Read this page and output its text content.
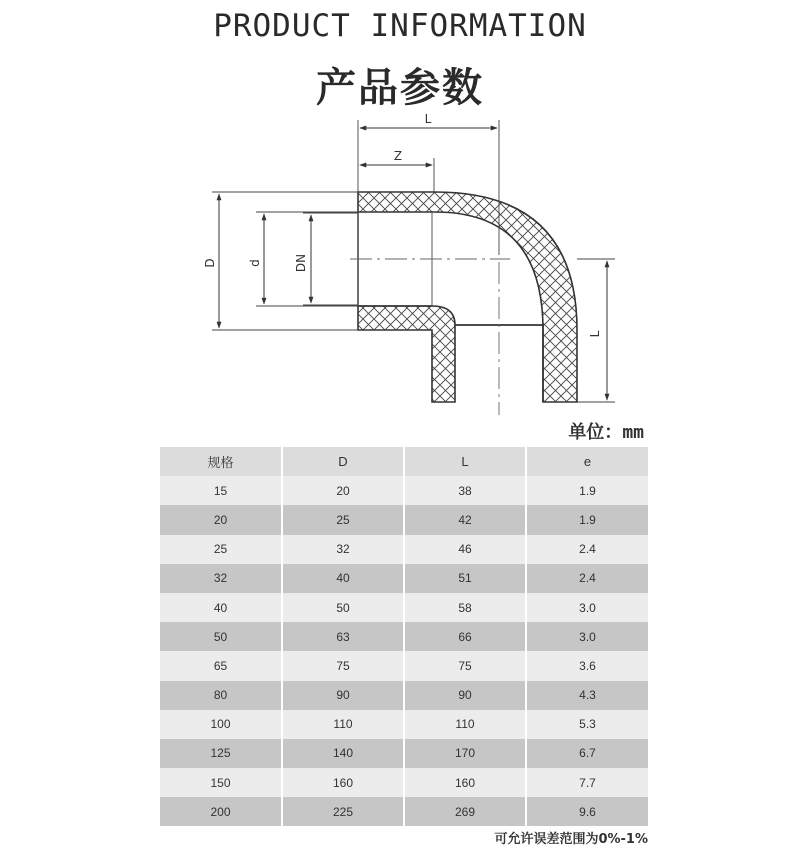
PRODUCT INFORMATION
产品参数
L
Z
D	d	DN
L
单位：mm
规格	D	L	e
15	20	38	1.9
20	25	42	1.9
25	32	46	2.4
32	40	51	2.4
40	50	58	3.0
50	63	66	3.0
65	75	75	3.6
80	90	90	4.3
100	110	110	5.3
125	140	170	6.7
150	160	160	7.7
200	225	269	9.6
可允许误差范围为0%-1%
